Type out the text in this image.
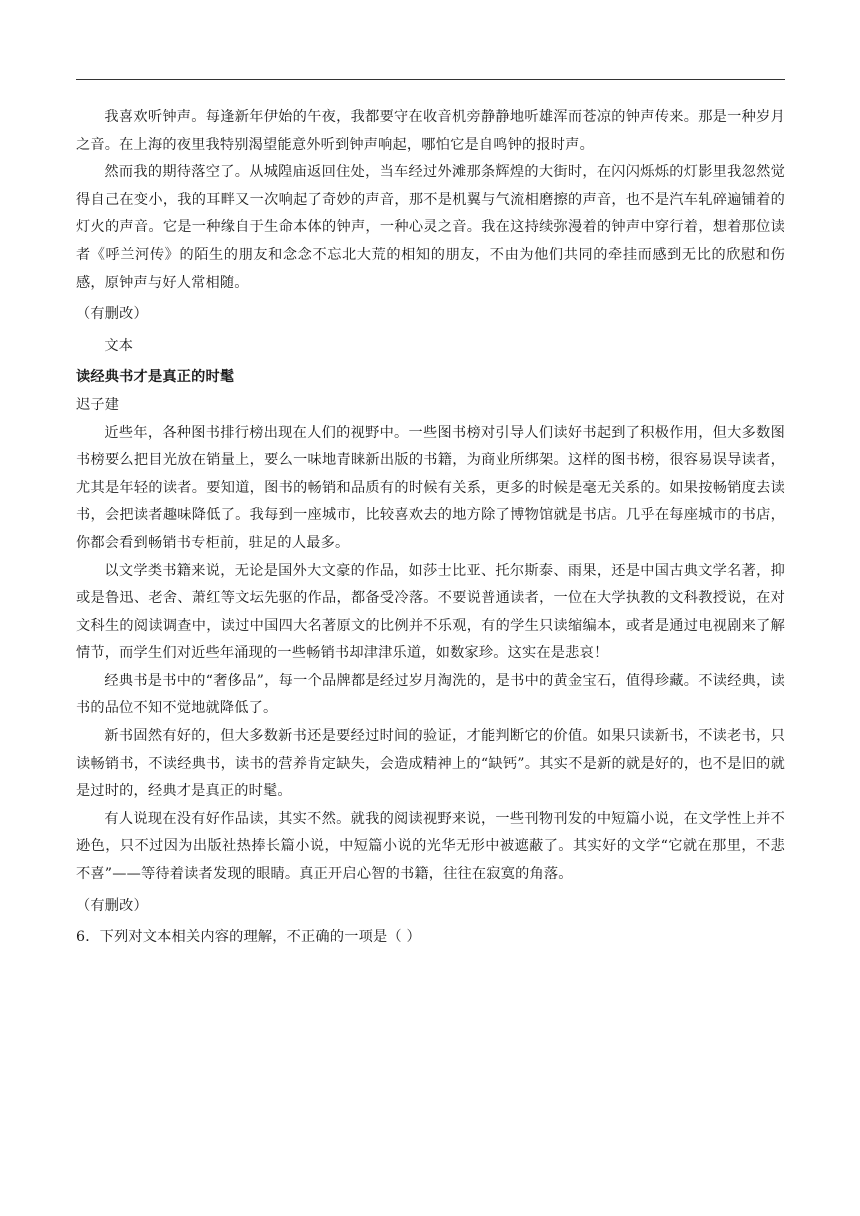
我喜欢听钟声。每逢新年伊始的午夜，我都要守在收音机旁静静地听雄浑而苍凉的钟声传来。那是一种岁月之音。在上海的夜里我特别渴望能意外听到钟声响起，哪怕它是自鸣钟的报时声。

然而我的期待落空了。从城隍庙返回住处，当车经过外滩那条辉煌的大街时，在闪闪烁烁的灯影里我忽然觉得自己在变小，我的耳畔又一次响起了奇妙的声音，那不是机翼与气流相磨擦的声音，也不是汽车轧碎遍铺着的灯火的声音。它是一种缘自于生命本体的钟声，一种心灵之音。我在这持续弥漫着的钟声中穿行着，想着那位读者《呼兰河传》的陌生的朋友和念念不忘北大荒的相知的朋友，不由为他们共同的牵挂而感到无比的欣慰和伤感，原钟声与好人常相随。

（有删改）

文本

读经典书才是真正的时髦

迟子建

近些年，各种图书排行榜出现在人们的视野中。一些图书榜对引导人们读好书起到了积极作用，但大多数图书榜要么把目光放在销量上，要么一味地青睐新出版的书籍，为商业所绑架。这样的图书榜，很容易误导读者，尤其是年轻的读者。要知道，图书的畅销和品质有的时候有关系，更多的时候是毫无关系的。如果按畅销度去读书，会把读者趣味降低了。我每到一座城市，比较喜欢去的地方除了博物馆就是书店。几乎在每座城市的书店，你都会看到畅销书专柜前，驻足的人最多。

以文学类书籍来说，无论是国外大文豪的作品，如莎士比亚、托尔斯泰、雨果，还是中国古典文学名著，抑或是鲁迅、老舍、萧红等文坛先驱的作品，都备受冷落。不要说普通读者，一位在大学执教的文科教授说，在对文科生的阅读调查中，读过中国四大名著原文的比例并不乐观，有的学生只读缩编本，或者是通过电视剧来了解情节，而学生们对近些年涌现的一些畅销书却津津乐道，如数家珍。这实在是悲哀！

经典书是书中的“奢侈品”，每一个品牌都是经过岁月淘洗的，是书中的黄金宝石，值得珍藏。不读经典，读书的品位不知不觉地就降低了。

新书固然有好的，但大多数新书还是要经过时间的验证，才能判断它的价值。如果只读新书，不读老书，只读畅销书，不读经典书，读书的营养肯定缺失，会造成精神上的“缺钙”。其实不是新的就是好的，也不是旧的就是过时的，经典才是真正的时髦。

有人说现在没有好作品读，其实不然。就我的阅读视野来说，一些刊物刊发的中短篇小说，在文学性上并不逊色，只不过因为出版社热捧长篇小说，中短篇小说的光华无形中被遮蔽了。其实好的文学“它就在那里，不悲不喜”——等待着读者发现的眼睛。真正开启心智的书籍，往往在寂寞的角落。

（有删改）

6．下列对文本相关内容的理解，不正确的一项是（ ）
